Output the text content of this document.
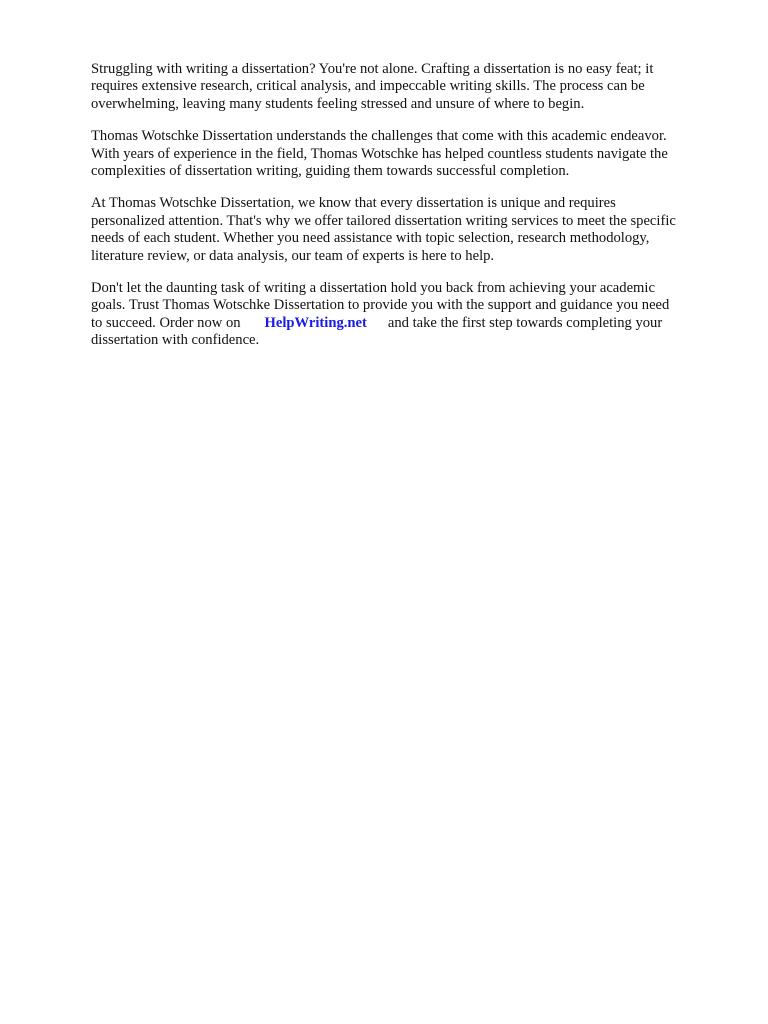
Struggling with writing a dissertation? You're not alone. Crafting a dissertation is no easy feat; it
requires extensive research, critical analysis, and impeccable writing skills. The process can be
overwhelming, leaving many students feeling stressed and unsure of where to begin.

Thomas Wotschke Dissertation understands the challenges that come with this academic endeavor.
With years of experience in the field, Thomas Wotschke has helped countless students navigate the
complexities of dissertation writing, guiding them towards successful completion.

At Thomas Wotschke Dissertation, we know that every dissertation is unique and requires
personalized attention. That's why we offer tailored dissertation writing services to meet the specific
needs of each student. Whether you need assistance with topic selection, research methodology,
literature review, or data analysis, our team of experts is here to help.

Don't let the daunting task of writing a dissertation hold you back from achieving your academic
goals. Trust Thomas Wotschke Dissertation to provide you with the support and guidance you need
to succeed. Order now on HelpWriting.net and take the first step towards completing your
dissertation with confidence.
